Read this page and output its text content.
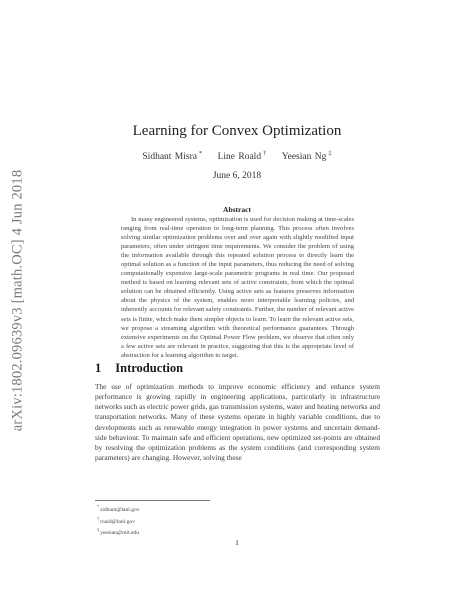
arXiv:1802.09639v3 [math.OC] 4 Jun 2018
Learning for Convex Optimization
Sidhant Misra * Line Roald † Yeesian Ng ‡
June 6, 2018
Abstract

In many engineered systems, optimization is used for decision making at time-scales ranging from real-time operation to long-term planning. This process often involves solving similar optimization problems over and over again with slightly modified input parameters, often under stringent time requirements. We consider the problem of using the information available through this repeated solution process to directly learn the optimal solution as a function of the input parameters, thus reducing the need of solving computationally expensive large-scale parametric programs in real time. Our proposed method is based on learning relevant sets of active constraints, from which the optimal solution can be obtained efficiently. Using active sets as features preserves information about the physics of the system, enables more interpretable learning policies, and inherently accounts for relevant safety constraints. Further, the number of relevant active sets is finite, which make them simpler objects to learn. To learn the relevant active sets, we propose a streaming algorithm with theoretical performance guarantees. Through extensive experiments on the Optimal Power Flow problem, we observe that often only a few active sets are relevant in practice, suggesting that this is the appropriate level of abstraction for a learning algorithm to target.

1 Introduction

The use of optimization methods to improve economic efficiency and enhance system performance is growing rapidly in engineering applications, particularly in infrastructure networks such as electric power grids, gas transmission systems, water and heating networks and transportation networks. Many of these systems operate in highly variable conditions, due to developments such as renewable energy integration in power systems and uncertain demand-side behaviour. To maintain safe and efficient operations, new optimized set-points are obtained by resolving the optimization problems as the system conditions (and corresponding system parameters) are changing. However, solving these

*sidhant@lanl.gov
†roald@lanl.gov
‡yeesian@mit.edu
1
